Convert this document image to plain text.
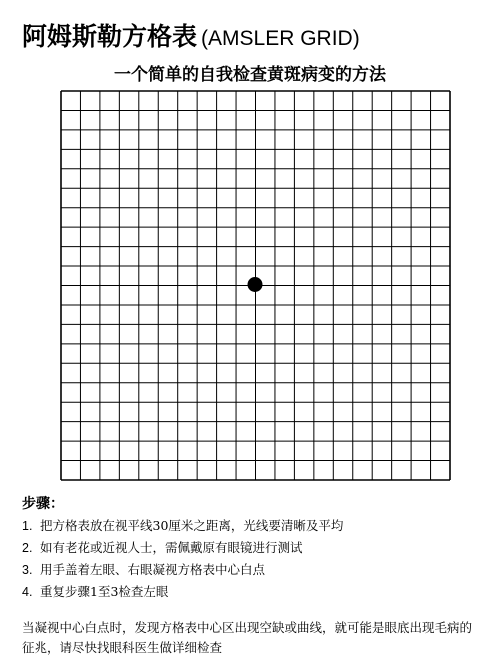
阿姆斯勒方格表 (AMSLER GRID)
一个简单的自我检查黄斑病变的方法
步骤：
1. 把方格表放在视平线30厘米之距离，光线要清晰及平均
2. 如有老花或近视人士，需佩戴原有眼镜进行测试
3. 用手盖着左眼、右眼凝视方格表中心白点
4. 重复步骤1至3检查左眼

当凝视中心白点时，发现方格表中心区出现空缺或曲线，就可能是眼底出现毛病的征兆，请尽快找眼科医生做详细检查
